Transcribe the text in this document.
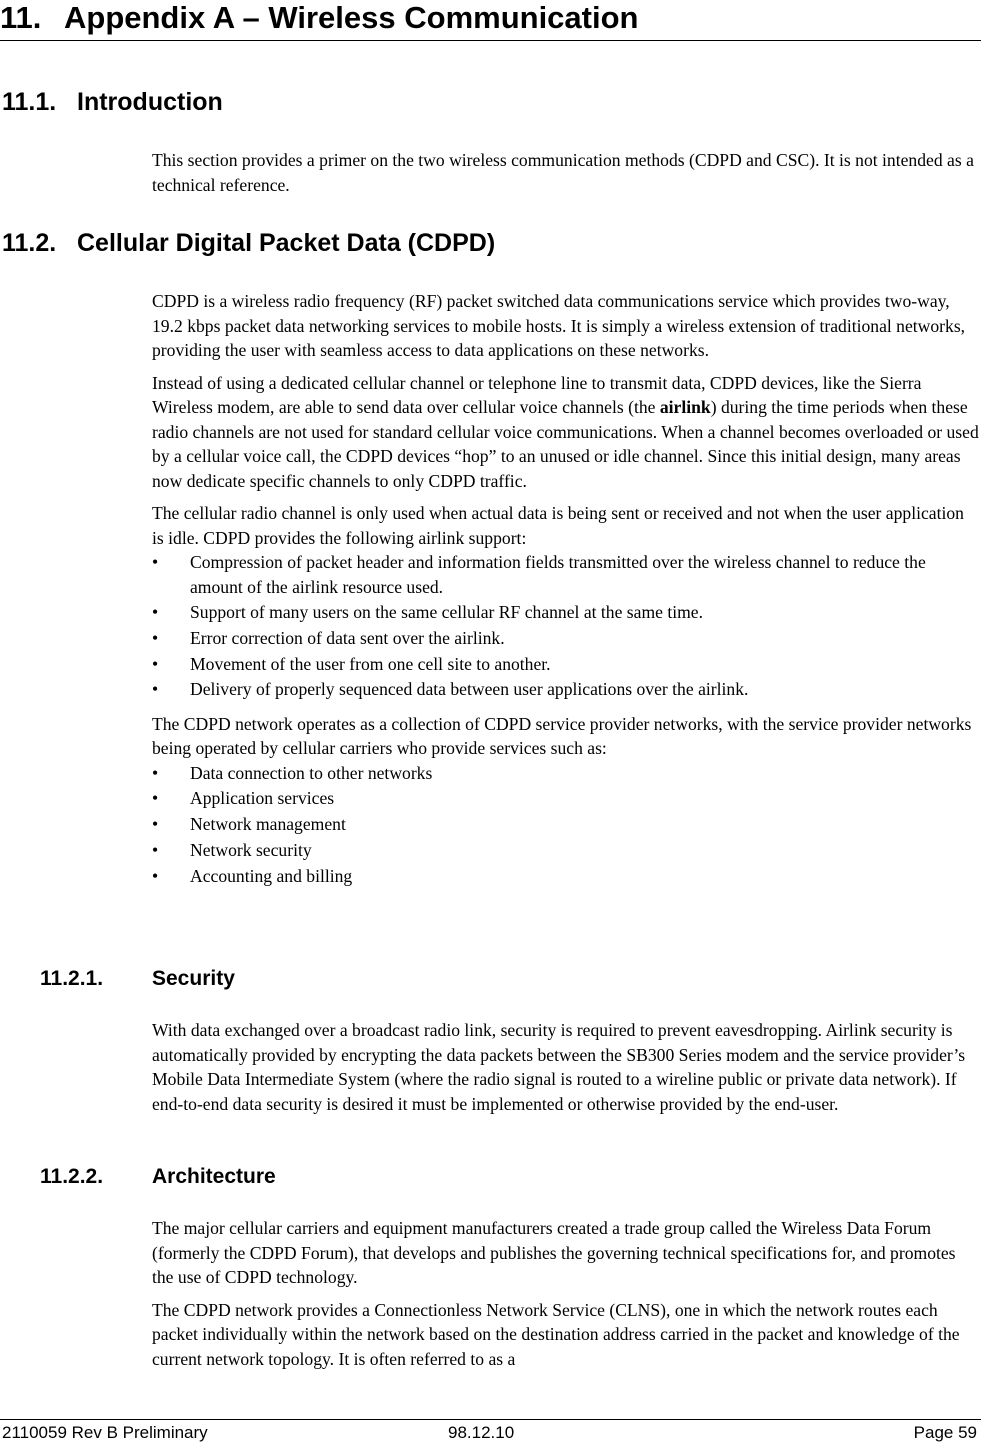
11. Appendix A – Wireless Communication
11.1. Introduction

This section provides a primer on the two wireless communication methods (CDPD and CSC). It is not intended as a technical reference.

11.2. Cellular Digital Packet Data (CDPD)

CDPD is a wireless radio frequency (RF) packet switched data communications service which provides two-way, 19.2 kbps packet data networking services to mobile hosts. It is simply a wireless extension of traditional networks, providing the user with seamless access to data applications on these networks.

Instead of using a dedicated cellular channel or telephone line to transmit data, CDPD devices, like the Sierra Wireless modem, are able to send data over cellular voice channels (the airlink) during the time periods when these radio channels are not used for standard cellular voice communications. When a channel becomes overloaded or used by a cellular voice call, the CDPD devices “hop” to an unused or idle channel. Since this initial design, many areas now dedicate specific channels to only CDPD traffic.

The cellular radio channel is only used when actual data is being sent or received and not when the user application is idle. CDPD provides the following airlink support:

• Compression of packet header and information fields transmitted over the wireless channel to reduce the amount of the airlink resource used.
• Support of many users on the same cellular RF channel at the same time.
• Error correction of data sent over the airlink.
• Movement of the user from one cell site to another.
• Delivery of properly sequenced data between user applications over the airlink.

The CDPD network operates as a collection of CDPD service provider networks, with the service provider networks being operated by cellular carriers who provide services such as:

• Data connection to other networks
• Application services
• Network management
• Network security
• Accounting and billing
11.2.1. Security

With data exchanged over a broadcast radio link, security is required to prevent eavesdropping. Airlink security is automatically provided by encrypting the data packets between the SB300 Series modem and the service provider’s Mobile Data Intermediate System (where the radio signal is routed to a wireline public or private data network). If end-to-end data security is desired it must be implemented or otherwise provided by the end-user.

11.2.2. Architecture

The major cellular carriers and equipment manufacturers created a trade group called the Wireless Data Forum (formerly the CDPD Forum), that develops and publishes the governing technical specifications for, and promotes the use of CDPD technology.

The CDPD network provides a Connectionless Network Service (CLNS), one in which the network routes each packet individually within the network based on the destination address carried in the packet and knowledge of the current network topology. It is often referred to as a

2110059 Rev B Preliminary	98.12.10	Page 59
